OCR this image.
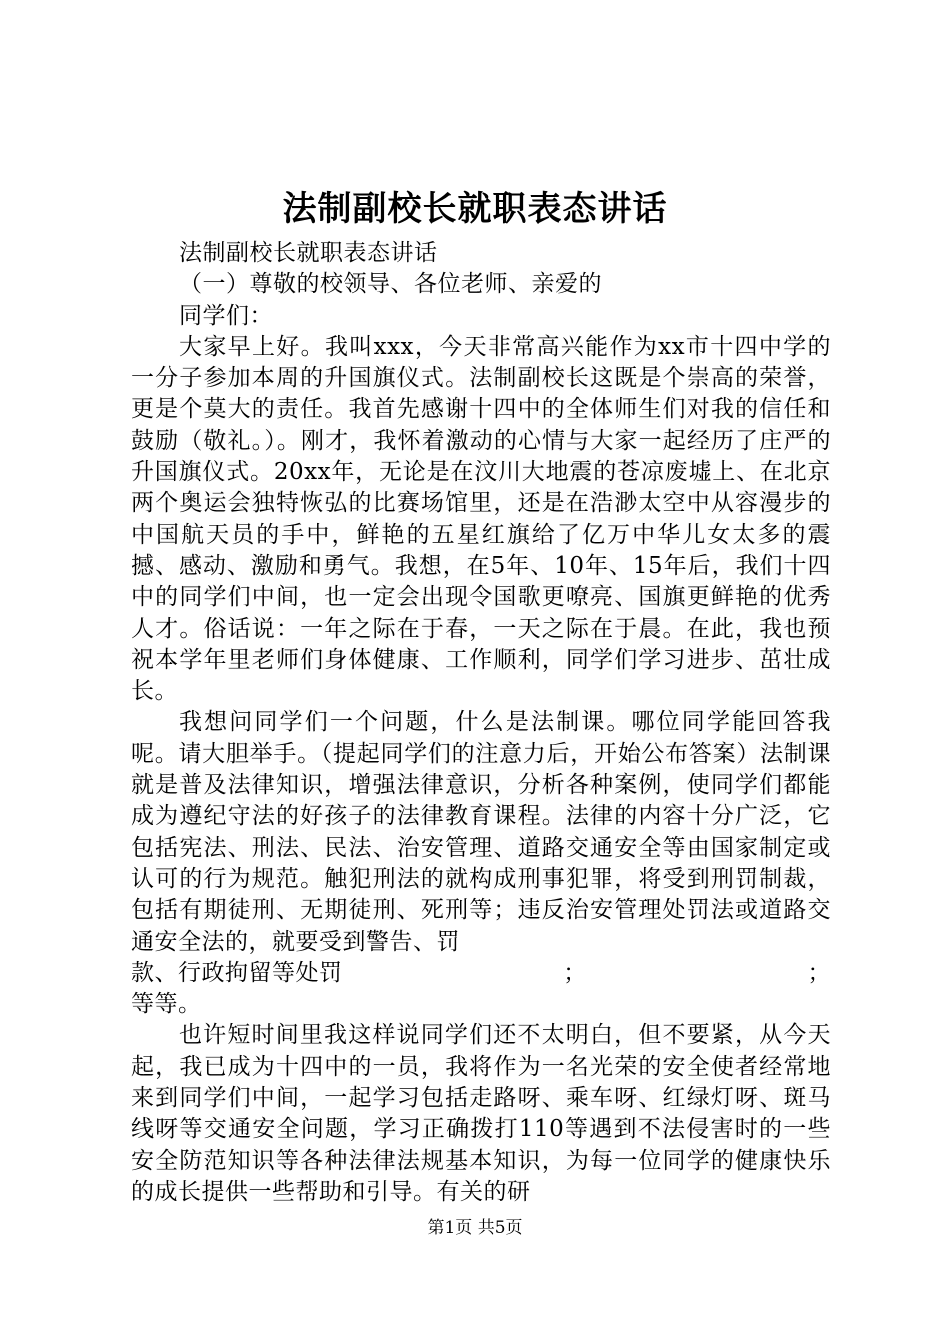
法制副校长就职表态讲话
法制副校长就职表态讲话
（一）尊敬的校领导、各位老师、亲爱的
同学们：

大家早上好。我叫xxx，今天非常高兴能作为xx市十四中学的一分子参加本周的升国旗仪式。法制副校长这既是个崇高的荣誉，更是个莫大的责任。我首先感谢十四中的全体师生们对我的信任和鼓励（敬礼。）。刚才，我怀着激动的心情与大家一起经历了庄严的升国旗仪式。20xx年，无论是在汶川大地震的苍凉废墟上、在北京两个奥运会独特恢弘的比赛场馆里，还是在浩渺太空中从容漫步的中国航天员的手中，鲜艳的五星红旗给了亿万中华儿女太多的震撼、感动、激励和勇气。我想，在5年、10年、15年后，我们十四中的同学们中间，也一定会出现令国歌更嘹亮、国旗更鲜艳的优秀人才。俗话说：一年之际在于春，一天之际在于晨。在此，我也预祝本学年里老师们身体健康、工作顺利，同学们学习进步、茁壮成长。

我想问同学们一个问题，什么是法制课。哪位同学能回答我呢。请大胆举手。（提起同学们的注意力后，开始公布答案）法制课就是普及法律知识，增强法律意识，分析各种案例，使同学们都能成为遵纪守法的好孩子的法律教育课程。法律的内容十分广泛，它包括宪法、刑法、民法、治安管理、道路交通安全等由国家制定或认可的行为规范。触犯刑法的就构成刑事犯罪，将受到刑罚制裁，包括有期徒刑、无期徒刑、死刑等；违反治安管理处罚法或道路交通安全法的，就要受到警告、罚

款、行政拘留等处罚	；	；
等等。

也许短时间里我这样说同学们还不太明白，但不要紧，从今天起，我已成为十四中的一员，我将作为一名光荣的安全使者经常地来到同学们中间，一起学习包括走路呀、乘车呀、红绿灯呀、斑马线呀等交通安全问题，学习正确拨打110等遇到不法侵害时的一些安全防范知识等各种法律法规基本知识，为每一位同学的健康快乐的成长提供一些帮助和引导。有关的研

第1页 共5页
